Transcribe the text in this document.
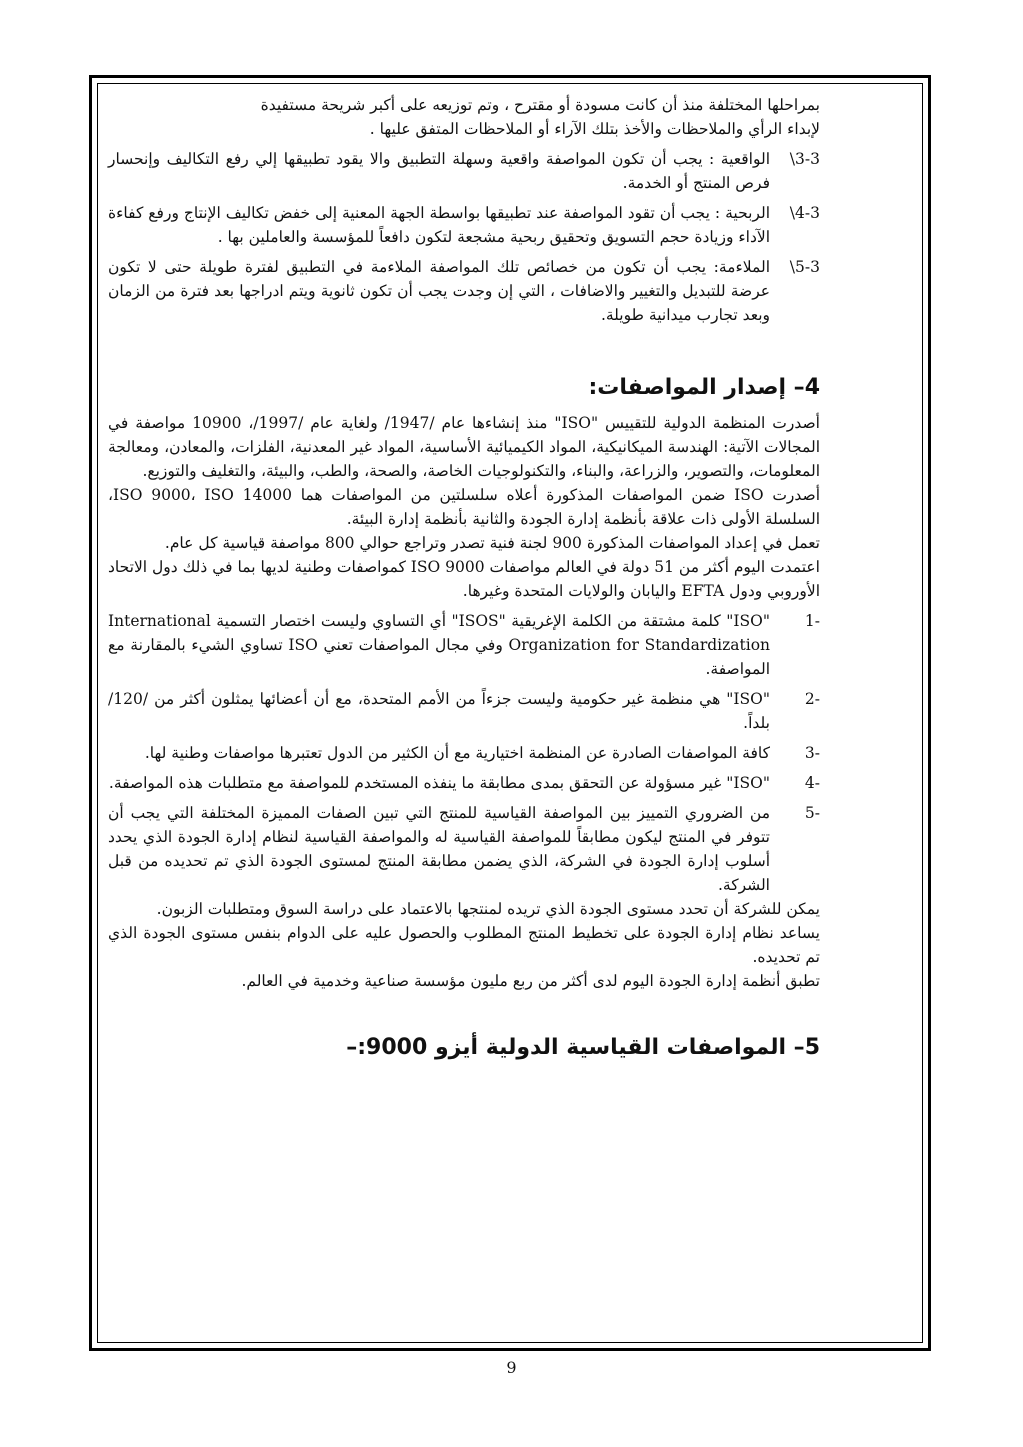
بمراحلها المختلفة منذ أن كانت مسودة أو مقترح ، وتم توزيعه على أكبر شريحة مستفيدة
لإبداء الرأي والملاحظات والأخذ بتلك الآراء أو الملاحظات المتفق عليها .
3-3\
الواقعية : يجب أن تكون المواصفة واقعية وسهلة التطبيق والا يقود تطبيقها إلي رفع التكاليف وإنحسار فرص المنتج أو الخدمة.
4-3\
الربحية : يجب أن تقود المواصفة عند تطبيقها بواسطة الجهة المعنية إلى خفض تكاليف الإنتاج ورفع كفاءة الآداء وزيادة حجم التسويق وتحقيق ربحية مشجعة لتكون دافعاً للمؤسسة والعاملين بها .
5-3\
الملاءمة: يجب أن تكون من خصائص تلك المواصفة الملاءمة في التطبيق لفترة طويلة حتى لا تكون عرضة للتبديل والتغيير والاضافات ، التي إن وجدت يجب أن تكون ثانوية ويتم ادراجها بعد فترة من الزمان وبعد تجارب ميدانية طويلة.
4– إصدار المواصفات:
أصدرت المنظمة الدولية للتقييس "ISO" منذ إنشاءها عام /1947/ ولغاية عام /1997/، 10900 مواصفة في المجالات الآتية: الهندسة الميكانيكية، المواد الكيميائية الأساسية، المواد غير المعدنية، الفلزات، والمعادن، ومعالجة المعلومات، والتصوير، والزراعة، والبناء، والتكنولوجيات الخاصة، والصحة، والطب، والبيئة، والتغليف والتوزيع.
أصدرت ISO ضمن المواصفات المذكورة أعلاه سلسلتين من المواصفات هما ISO 9000، ISO 14000، السلسلة الأولى ذات علاقة بأنظمة إدارة الجودة والثانية بأنظمة إدارة البيئة.
تعمل في إعداد المواصفات المذكورة 900 لجنة فنية تصدر وتراجع حوالي 800 مواصفة قياسية كل عام.
اعتمدت اليوم أكثر من 51 دولة في العالم مواصفات ISO 9000 كمواصفات وطنية لديها بما في ذلك دول الاتحاد الأوروبي ودول EFTA واليابان والولايات المتحدة وغيرها.
-1
"ISO" كلمة مشتقة من الكلمة الإغريقية "ISOS" أي التساوي وليست اختصار التسمية International Organization for Standardization وفي مجال المواصفات تعني ISO تساوي الشيء بالمقارنة مع المواصفة.
-2
"ISO" هي منظمة غير حكومية وليست جزءاً من الأمم المتحدة، مع أن أعضائها يمثلون أكثر من /120/ بلداً.
-3
كافة المواصفات الصادرة عن المنظمة اختيارية مع أن الكثير من الدول تعتبرها مواصفات وطنية لها.
-4
"ISO" غير مسؤولة عن التحقق بمدى مطابقة ما ينفذه المستخدم للمواصفة مع متطلبات هذه المواصفة.
-5
من الضروري التمييز بين المواصفة القياسية للمنتج التي تبين الصفات المميزة المختلفة التي يجب أن تتوفر في المنتج ليكون مطابقاً للمواصفة القياسية له والمواصفة القياسية لنظام إدارة الجودة الذي يحدد أسلوب إدارة الجودة في الشركة، الذي يضمن مطابقة المنتج لمستوى الجودة الذي تم تحديده من قبل الشركة.
يمكن للشركة أن تحدد مستوى الجودة الذي تريده لمنتجها بالاعتماد على دراسة السوق ومتطلبات الزبون.
يساعد نظام إدارة الجودة على تخطيط المنتج المطلوب والحصول عليه على الدوام بنفس مستوى الجودة الذي تم تحديده.
تطبق أنظمة إدارة الجودة اليوم لدى أكثر من ربع مليون مؤسسة صناعية وخدمية في العالم.
5– المواصفات القياسية الدولية أيزو 9000:–
9
